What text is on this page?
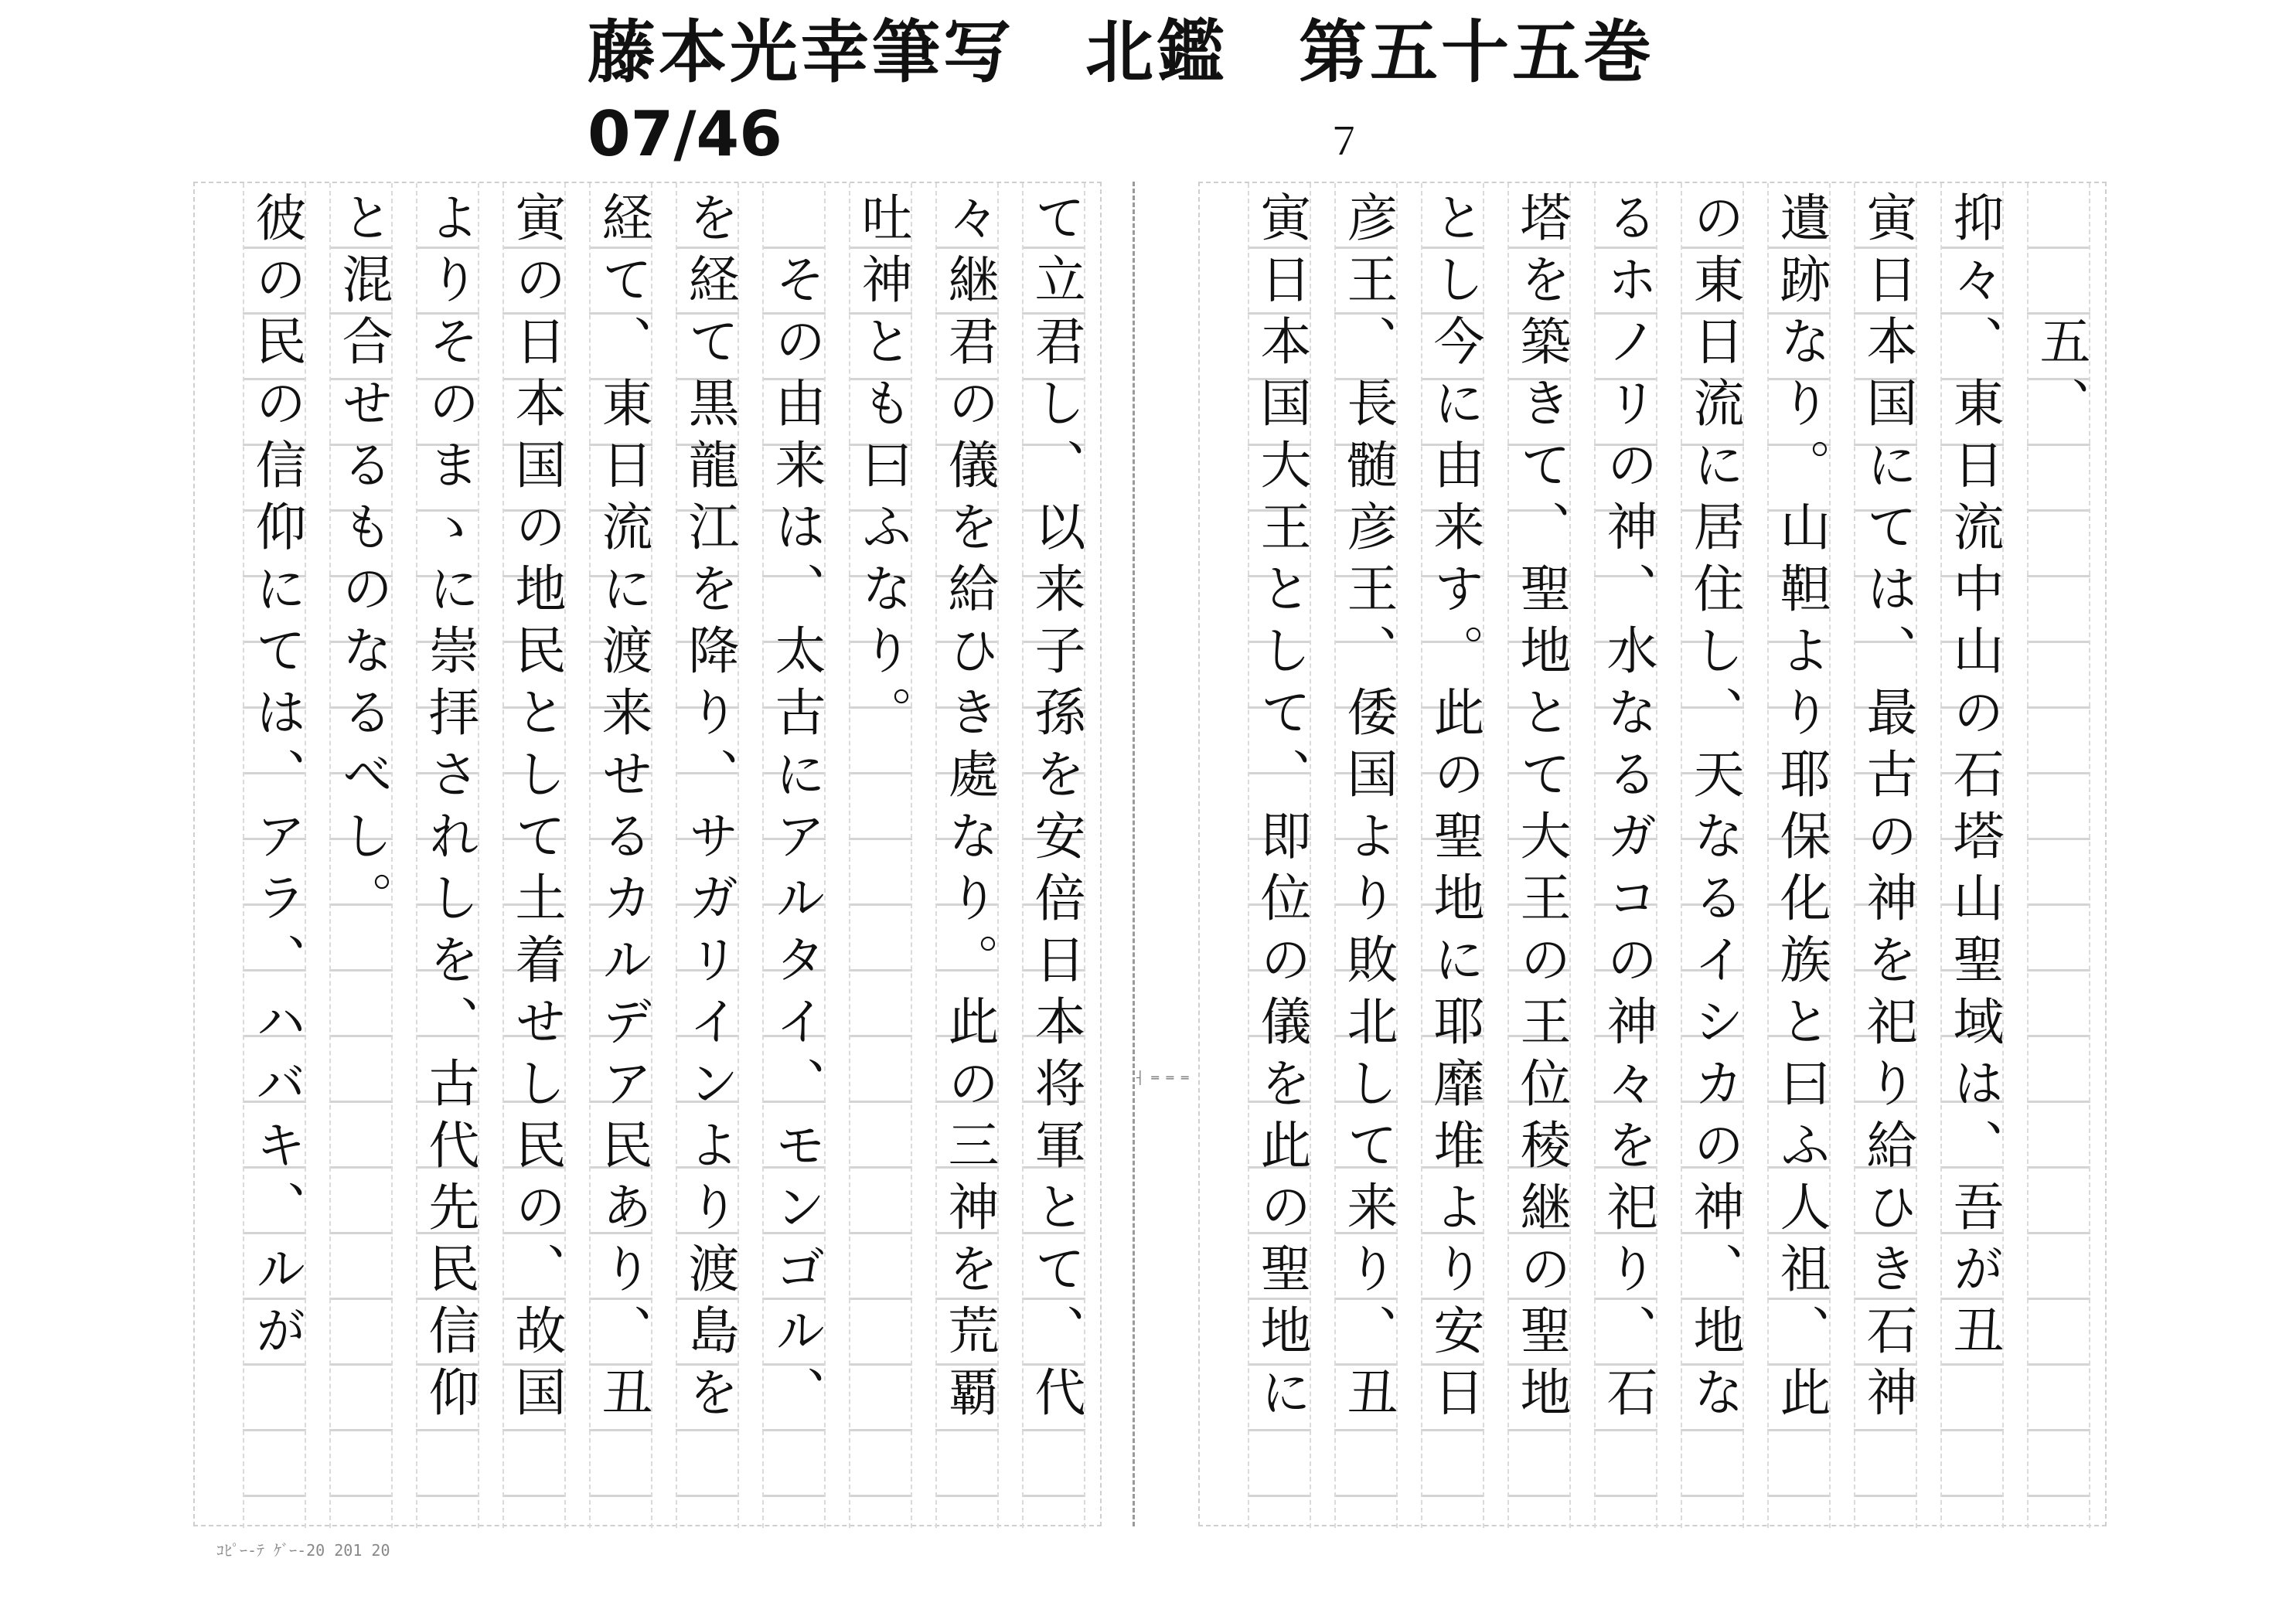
藤本光幸筆写　北鑑　第五十五巻
07/46	７
　　五、
抑々、東日流中山の石塔山聖域は、吾が丑
寅日本国にては、最古の神を祀り給ひき石神
遺跡なり。山靼より耶保化族と曰ふ人祖、此
の東日流に居住し、天なるイシカの神、地な
るホノリの神、水なるガコの神々を祀り、石
塔を築きて、聖地とて大王の王位稜継の聖地
とし今に由来す。此の聖地に耶靡堆より安日
彦王、長髄彦王、倭国より敗北して来り、丑
寅日本国大王として、即位の儀を此の聖地に
┤ ═ ═ ═
て立君し、以来子孫を安倍日本将軍とて、代
々継君の儀を給ひき處なり。此の三神を荒覇
吐神とも曰ふなり。
　その由来は、太古にアルタイ、モンゴル、
を経て黒龍江を降り、サガリインより渡島を
経て、東日流に渡来せるカルデア民あり、丑
寅の日本国の地民として土着せし民の、故国
よりそのまゝに崇拝されしを、古代先民信仰
と混合せるものなるべし。
彼の民の信仰にては、アラ、ハバキ、ルが
ｺﾋﾟｰ-ﾃ ｹﾞｰ-20 201 20
